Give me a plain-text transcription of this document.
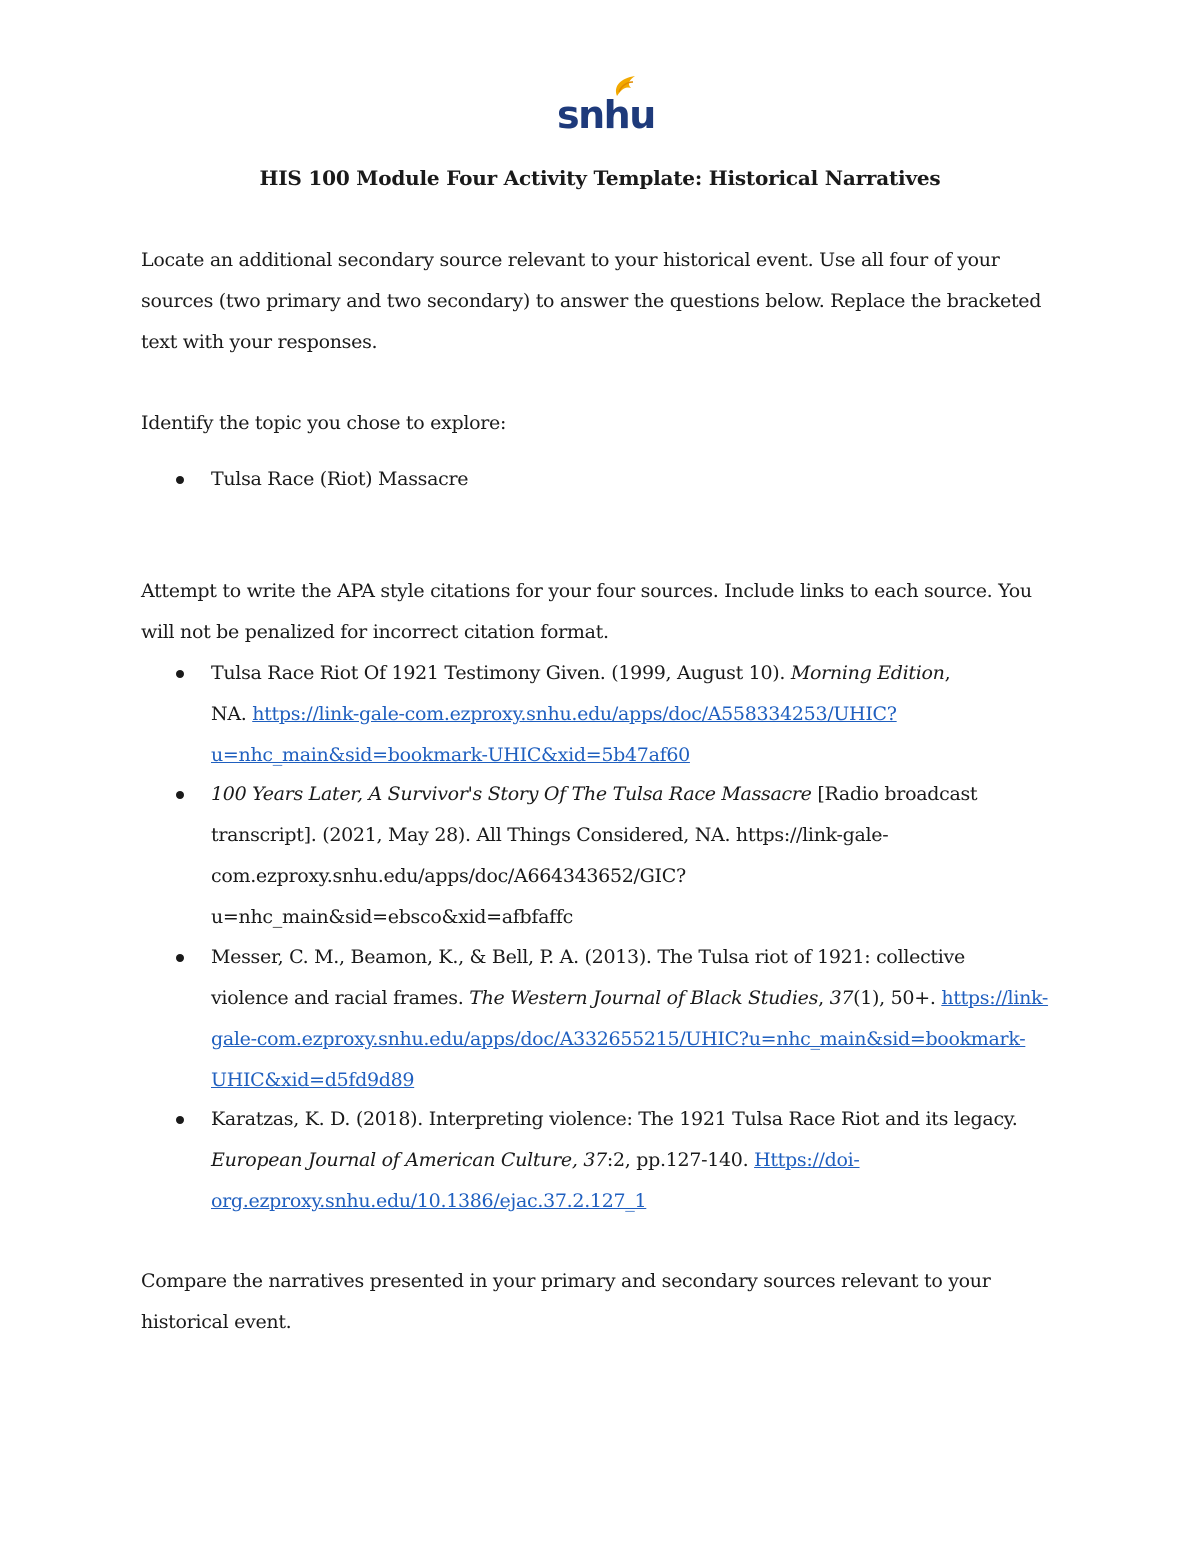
snhu
HIS 100 Module Four Activity Template: Historical Narratives
Locate an additional secondary source relevant to your historical event. Use all four of your
sources (two primary and two secondary) to answer the questions below. Replace the bracketed
text with your responses.
Identify the topic you chose to explore:
Tulsa Race (Riot) Massacre
Attempt to write the APA style citations for your four sources. Include links to each source. You
will not be penalized for incorrect citation format.
Tulsa Race Riot Of 1921 Testimony Given. (1999, August 10). Morning Edition,
NA. https://link-gale-com.ezproxy.snhu.edu/apps/doc/A558334253/UHIC?
u=nhc_main&sid=bookmark-UHIC&xid=5b47af60
100 Years Later, A Survivor's Story Of The Tulsa Race Massacre [Radio broadcast
transcript]. (2021, May 28). All Things Considered, NA. https://link-gale-
com.ezproxy.snhu.edu/apps/doc/A664343652/GIC?
u=nhc_main&sid=ebsco&xid=afbfaffc
Messer, C. M., Beamon, K., & Bell, P. A. (2013). The Tulsa riot of 1921: collective
violence and racial frames. The Western Journal of Black Studies, 37(1), 50+. https://link-
gale-com.ezproxy.snhu.edu/apps/doc/A332655215/UHIC?u=nhc_main&sid=bookmark-
UHIC&xid=d5fd9d89
Karatzas, K. D. (2018). Interpreting violence: The 1921 Tulsa Race Riot and its legacy.
European Journal of American Culture, 37:2, pp.127-140. Https://doi-
org.ezproxy.snhu.edu/10.1386/ejac.37.2.127_1
Compare the narratives presented in your primary and secondary sources relevant to your
historical event.
